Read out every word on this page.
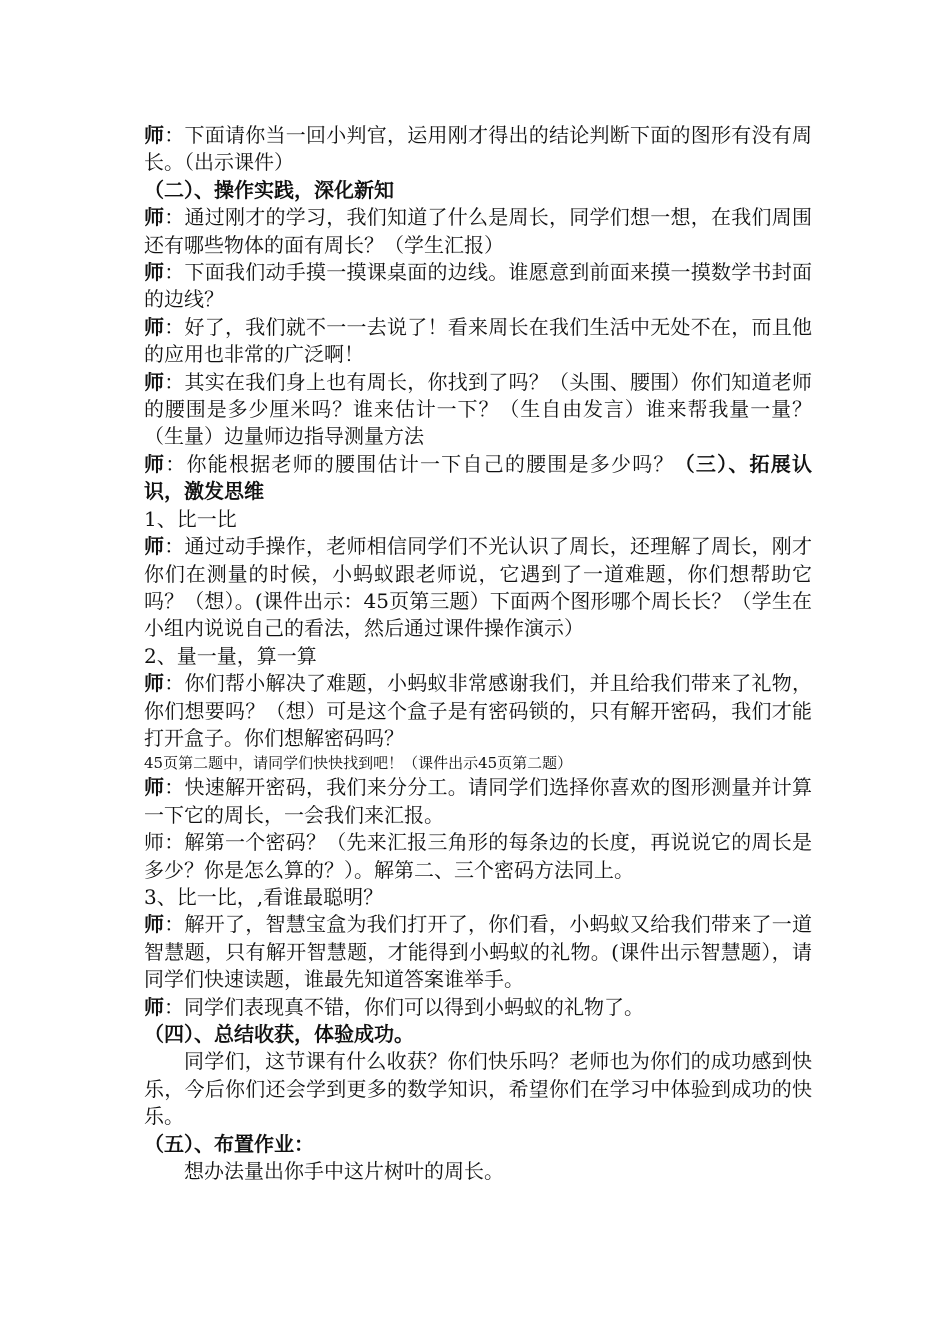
师：下面请你当一回小判官，运用刚才得出的结论判断下面的图形有没有周长。（出示课件）

（二）、操作实践，深化新知

师：通过刚才的学习，我们知道了什么是周长，同学们想一想，在我们周围还有哪些物体的面有周长？（学生汇报）

师：下面我们动手摸一摸课桌面的边线。谁愿意到前面来摸一摸数学书封面的边线？

师：好了，我们就不一一去说了！看来周长在我们生活中无处不在，而且他的应用也非常的广泛啊！

师：其实在我们身上也有周长，你找到了吗？（头围、腰围）你们知道老师的腰围是多少厘米吗？谁来估计一下？（生自由发言）谁来帮我量一量？（生量）边量师边指导测量方法

师：你能根据老师的腰围估计一下自己的腰围是多少吗？（三）、拓展认识，激发思维

1、比一比

师：通过动手操作，老师相信同学们不光认识了周长，还理解了周长，刚才你们在测量的时候，小蚂蚁跟老师说，它遇到了一道难题，你们想帮助它吗？（想）。(课件出示：45页第三题）下面两个图形哪个周长长？（学生在小组内说说自己的看法，然后通过课件操作演示）

2、量一量，算一算

师：你们帮小解决了难题，小蚂蚁非常感谢我们，并且给我们带来了礼物，你们想要吗？（想）可是这个盒子是有密码锁的，只有解开密码，我们才能打开盒子。你们想解密码吗？

45页第二题中，请同学们快快找到吧！（课件出示45页第二题）

师：快速解开密码，我们来分分工。请同学们选择你喜欢的图形测量并计算一下它的周长，一会我们来汇报。

师：解第一个密码？（先来汇报三角形的每条边的长度，再说说它的周长是多少？你是怎么算的？）。解第二、三个密码方法同上。

3、比一比，,看谁最聪明？

师：解开了，智慧宝盒为我们打开了，你们看，小蚂蚁又给我们带来了一道智慧题，只有解开智慧题，才能得到小蚂蚁的礼物。(课件出示智慧题），请同学们快速读题，谁最先知道答案谁举手。

师：同学们表现真不错，你们可以得到小蚂蚁的礼物了。

（四）、总结收获，体验成功。

同学们，这节课有什么收获？你们快乐吗？老师也为你们的成功感到快乐，今后你们还会学到更多的数学知识，希望你们在学习中体验到成功的快乐。

（五）、布置作业：

想办法量出你手中这片树叶的周长。
